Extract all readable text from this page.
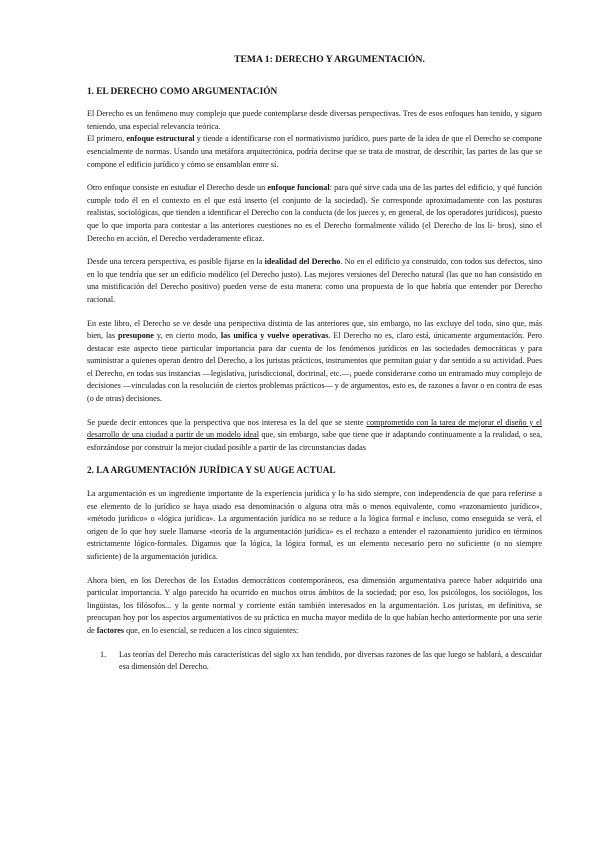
TEMA 1: DERECHO Y ARGUMENTACIÓN.
1. EL DERECHO COMO ARGUMENTACIÓN

El Derecho es un fenómeno muy complejo que puede contemplarse desde diversas perspectivas. Tres de esos enfoques han tenido, y siguen teniendo, una especial relevancia teórica.

El primero, enfoque estructural y tiende a identificarse con el normativismo jurídico, pues parte de la idea de que el Derecho se compone esencialmente de normas. Usando una metáfora arquitectónica, podría decirse que se trata de mostrar, de describir, las partes de las que se compone el edificio jurídico y cómo se ensamblan entre sí.

Otro enfoque consiste en estudiar el Derecho desde un enfoque funcional: para qué sirve cada una de las partes del edificio, y qué función cumple todo él en el contexto en el que está inserto (el conjunto de la sociedad). Se corresponde aproximadamente con las posturas realistas, sociológicas, que tienden a identificar el Derecho con la conducta (de los jueces y, en general, de los operadores jurídicos), puesto que lo que importa para contestar a las anteriores cuestiones no es el Derecho formalmente válido (el Derecho de los li- bros), sino el Derecho en acción, el Derecho verdaderamente eficaz.

Desde una tercera perspectiva, es posible fijarse en la idealidad del Derecho. No en el edificio ya construido, con todos sus defectos, sino en lo que tendría que ser un edificio modélico (el Derecho justo). Las mejores versiones del Derecho natural (las que no han consistido en una mistificación del Derecho positivo) pueden verse de esta manera: como una propuesta de lo que habría que entender por Derecho racional.

En este libro, el Derecho se ve desde una perspectiva distinta de las anteriores que, sin embargo, no las excluye del todo, sino que, más bien, las presupone y, en cierto modo, las unifica y vuelve operativas. El Derecho no es, claro está, únicamente argumentación. Pero destacar este aspecto tiene particular importancia para dar cuenta de los fenómenos jurídicos en las sociedades democráticas y para suministrar a quienes operan dentro del Derecho, a los juristas prácticos, instrumentos que permitan guiar y dar sentido a su actividad. Pues el Derecho, en todas sus instancias —legislativa, jurisdiccional, doctrinal, etc.—, puede considerarse como un entramado muy complejo de decisiones —vinculadas con la resolución de ciertos problemas prácticos— y de argumentos, esto es, de razones a favor o en contra de esas (o de otras) decisiones.

Se puede decir entonces que la perspectiva que nos interesa es la del que se siente comprometido con la tarea de mejorar el diseño y el desarrollo de una ciudad a partir de un modelo ideal que, sin embargo, sabe que tiene que ir adaptando continuamente a la realidad, o sea, esforzándose por construir la mejor ciudad posible a partir de las circunstancias dadas

2. LA ARGUMENTACIÓN JURÍDICA Y SU AUGE ACTUAL

La argumentación es un ingrediente importante de la experiencia jurídica y lo ha sido siempre, con independencia de que para referirse a ese elemento de lo jurídico se haya usado esa denominación o alguna otra más o menos equivalente, como «razonamiento jurídico», «método jurídico» o «lógica jurídica». La argumentación jurídica no se reduce a la lógica formal e incluso, como enseguida se verá, el origen de lo que hoy suele llamarse «teoría de la argumentación jurídica» es el rechazo a entender el razonamiento jurídico en términos estrictamente lógico-formales. Digamos que la lógica, la lógica formal, es un elemento necesario pero no suficiente (o no siempre suficiente) de la argumentación jurídica.

Ahora bien, en los Derechos de los Estados democráticos contemporáneos, esa dimensión argumentativa parece haber adquirido una particular importancia. Y algo parecido ha ocurrido en muchos otros ámbitos de la sociedad; por eso, los psicólogos, los sociólogos, los lingüistas, los filósofos... y la gente normal y corriente están también interesados en la argumentación. Los juristas, en definitiva, se preocupan hoy por los aspectos argumentativos de su práctica en mucha mayor medida de lo que habían hecho anteriormente por una serie de factores que, en lo esencial, se reducen a los cinco siguientes:

1. Las teorías del Derecho más características del siglo xx han tendido, por diversas razones de las que luego se hablará, a descuidar esa dimensión del Derecho.
